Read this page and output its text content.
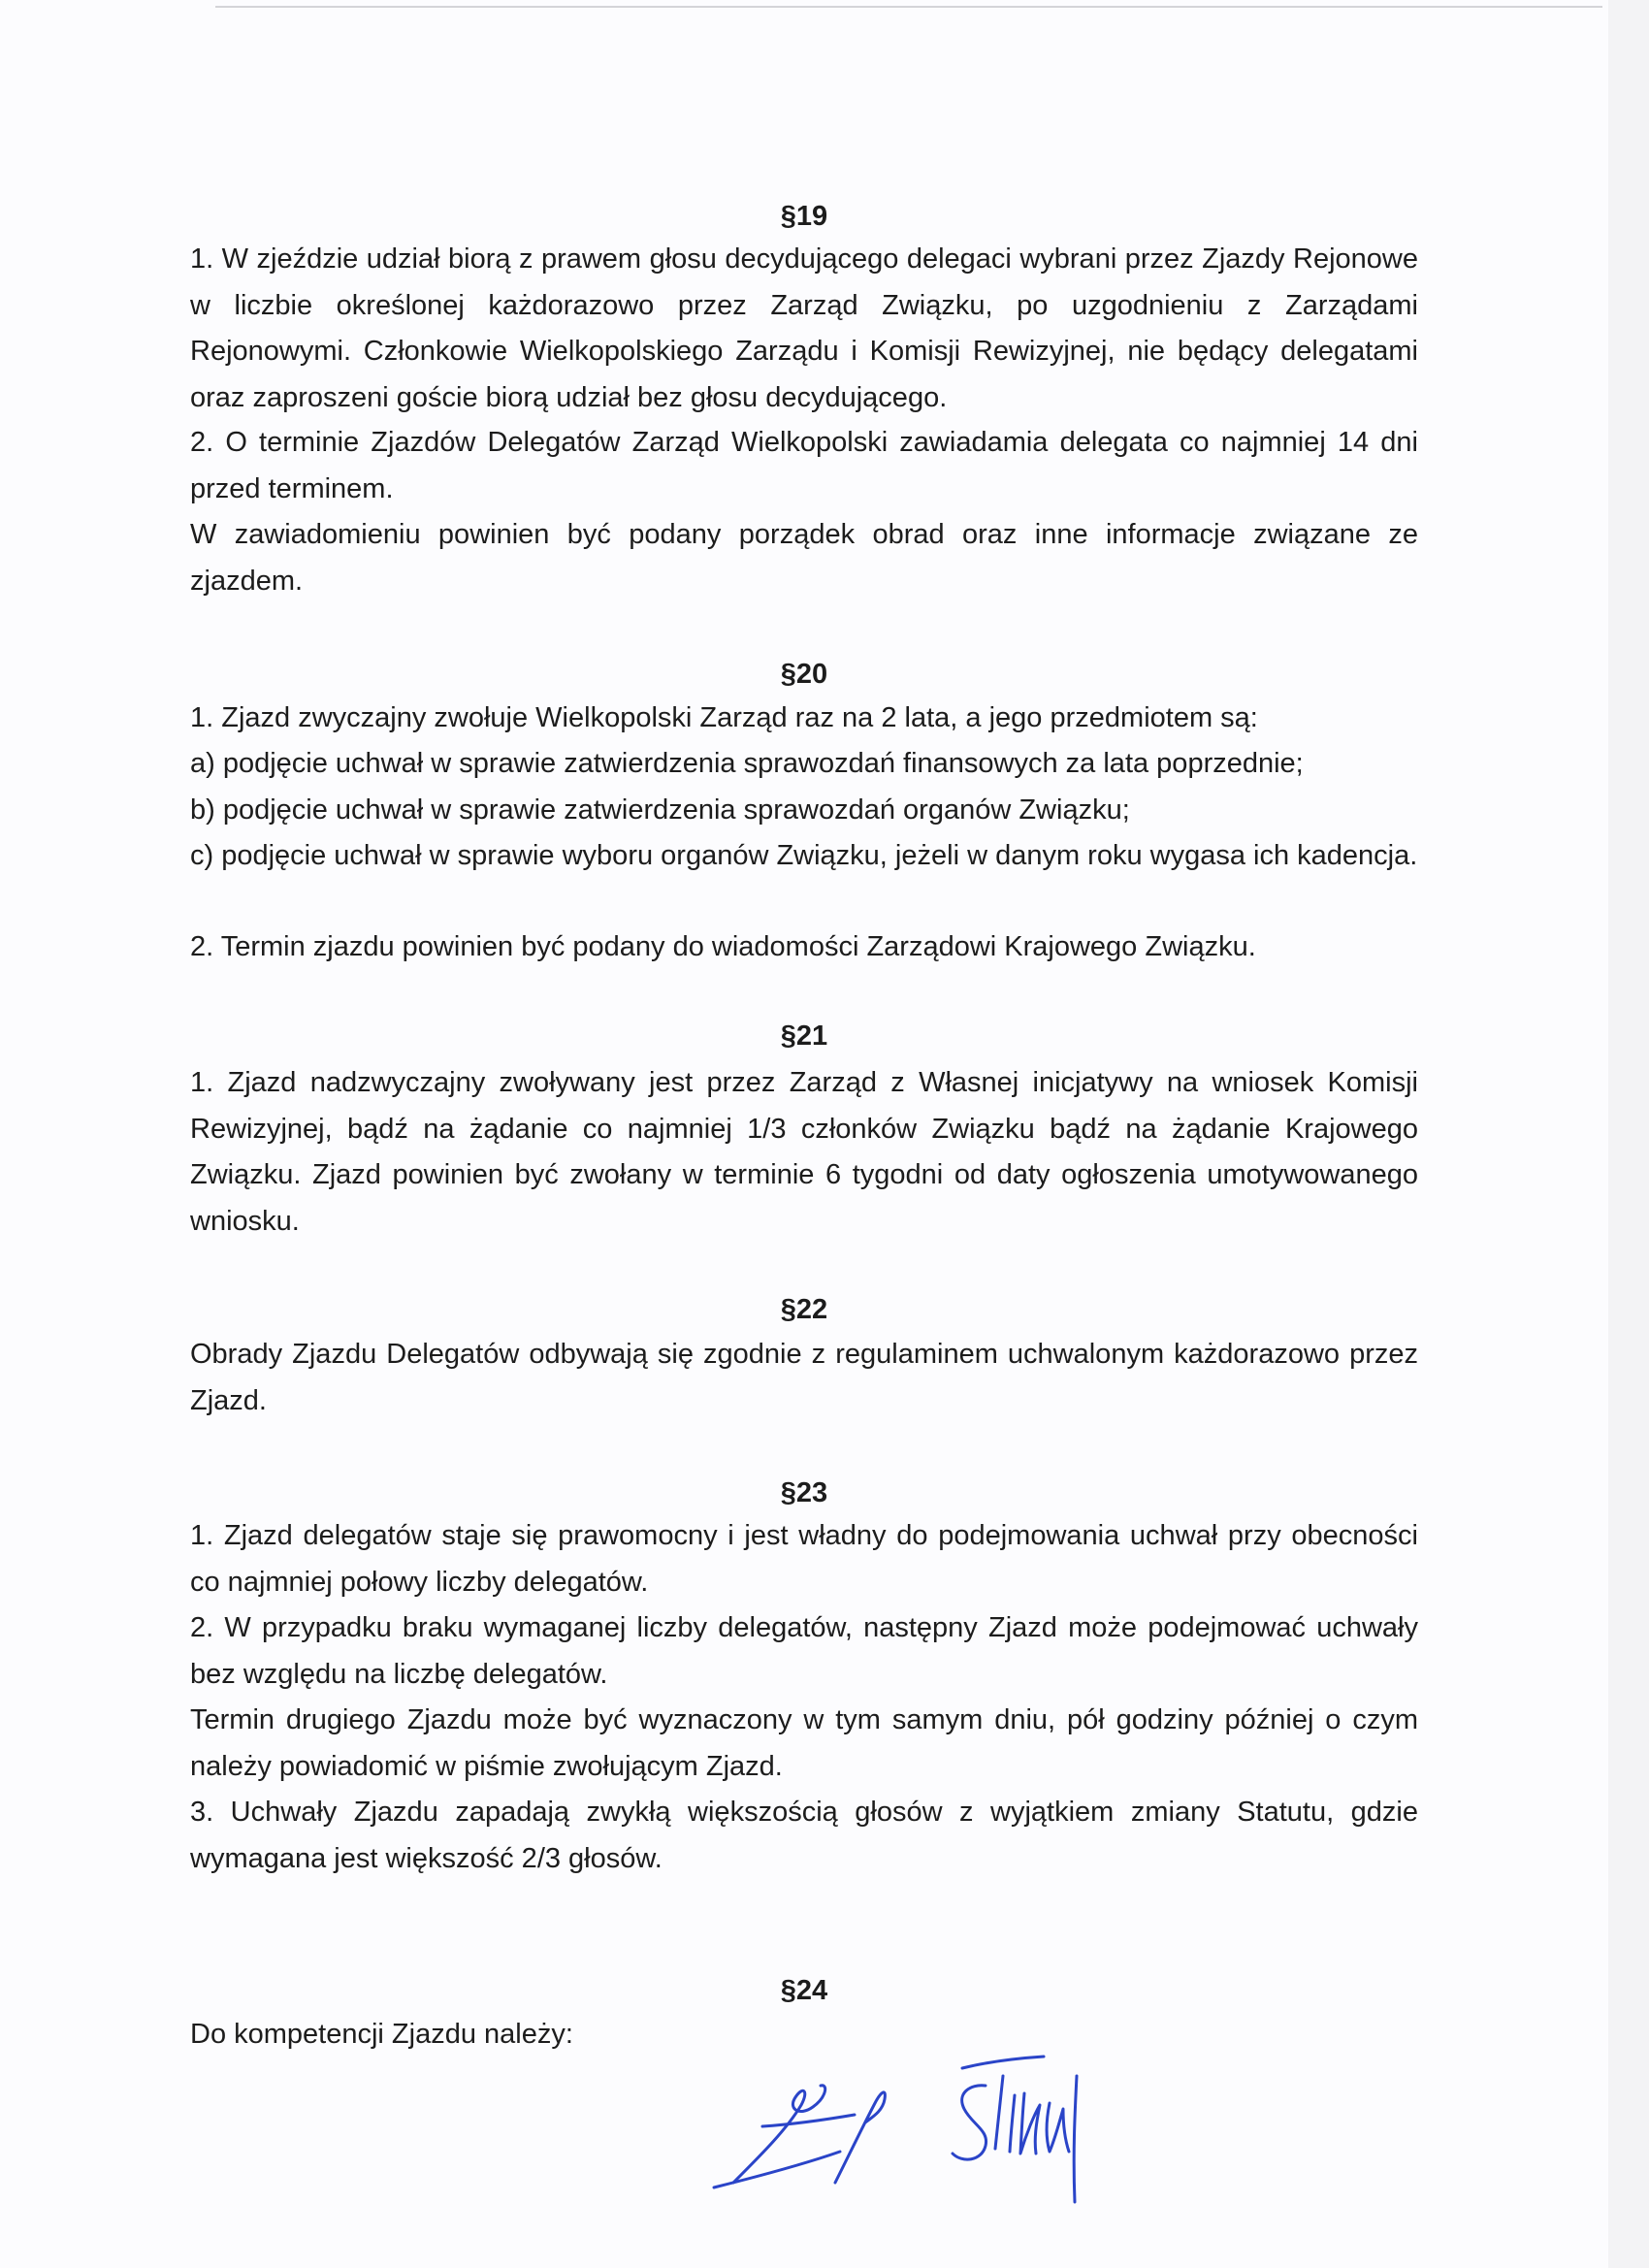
§19
1. W zjeździe udział biorą z prawem głosu decydującego delegaci wybrani przez Zjazdy Rejonowe w liczbie określonej każdorazowo przez Zarząd Związku, po uzgodnieniu z Zarządami Rejonowymi. Członkowie Wielkopolskiego Zarządu i Komisji Rewizyjnej, nie będący delegatami oraz zaproszeni goście biorą udział bez głosu decydującego.
2. O terminie Zjazdów Delegatów Zarząd Wielkopolski zawiadamia delegata co najmniej 14 dni przed terminem.
W zawiadomieniu powinien być podany porządek obrad oraz inne informacje związane ze zjazdem.
§20
1. Zjazd zwyczajny zwołuje Wielkopolski Zarząd raz na 2 lata, a jego przedmiotem są:
a) podjęcie uchwał w sprawie zatwierdzenia sprawozdań finansowych za lata poprzednie;
b) podjęcie uchwał w sprawie zatwierdzenia sprawozdań organów Związku;
c) podjęcie uchwał w sprawie wyboru organów Związku, jeżeli w danym roku wygasa ich kadencja.
2. Termin zjazdu powinien być podany do wiadomości Zarządowi Krajowego Związku.
§21
1. Zjazd nadzwyczajny zwoływany jest przez Zarząd z Własnej inicjatywy na wniosek Komisji Rewizyjnej, bądź na żądanie co najmniej 1/3 członków Związku bądź na żądanie Krajowego Związku. Zjazd powinien być zwołany w terminie 6 tygodni od daty ogłoszenia umotywowanego wniosku.
§22
Obrady Zjazdu Delegatów odbywają się zgodnie z regulaminem uchwalonym każdorazowo przez Zjazd.
§23
1. Zjazd delegatów staje się prawomocny i jest władny do podejmowania uchwał przy obecności co najmniej połowy liczby delegatów.
2. W przypadku braku wymaganej liczby delegatów, następny Zjazd może podejmować uchwały bez względu na liczbę delegatów.
Termin drugiego Zjazdu może być wyznaczony w tym samym dniu, pół godziny później o czym należy powiadomić w piśmie zwołującym Zjazd.
3. Uchwały Zjazdu zapadają zwykłą większością głosów z wyjątkiem zmiany Statutu, gdzie wymagana jest większość 2/3 głosów.
§24
Do kompetencji Zjazdu należy:
